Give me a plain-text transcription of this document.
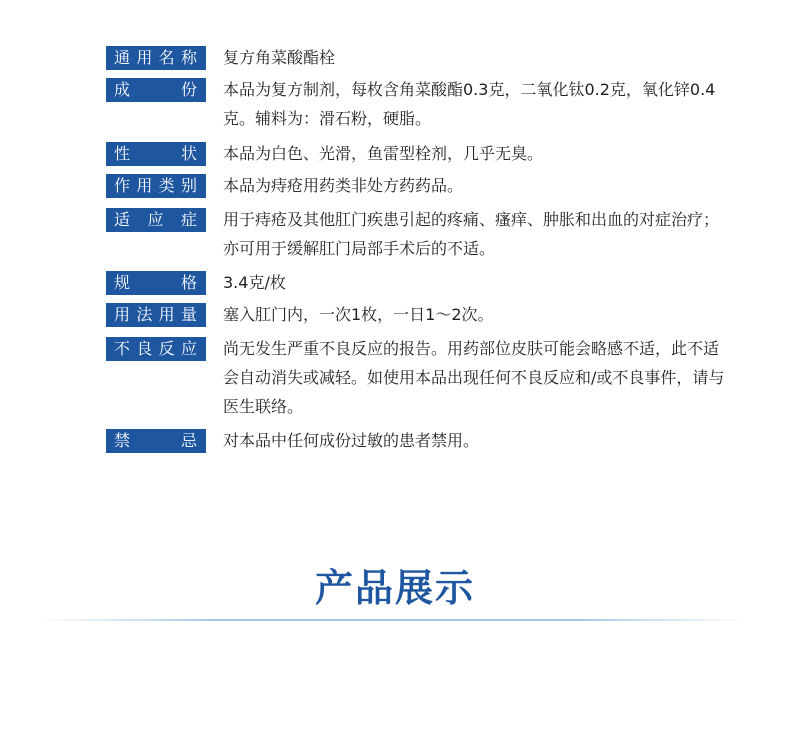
通用名称	复方角菜酸酯栓
成　份	本品为复方制剂，每枚含角菜酸酯0.3克，二氧化钛0.2克，氧化锌0.4克。辅料为：滑石粉，硬脂。
性　状	本品为白色、光滑，鱼雷型栓剂，几乎无臭。
作用类别	本品为痔疮用药类非处方药药品。
适应症	用于痔疮及其他肛门疾患引起的疼痛、瘙痒、肿胀和出血的对症治疗；亦可用于缓解肛门局部手术后的不适。
规　格	3.4克/枚
用法用量	塞入肛门内，一次1枚，一日1～2次。
不良反应	尚无发生严重不良反应的报告。用药部位皮肤可能会略感不适，此不适会自动消失或减轻。如使用本品出现任何不良反应和/或不良事件，请与医生联络。
禁　忌	对本品中任何成份过敏的患者禁用。
产品展示
